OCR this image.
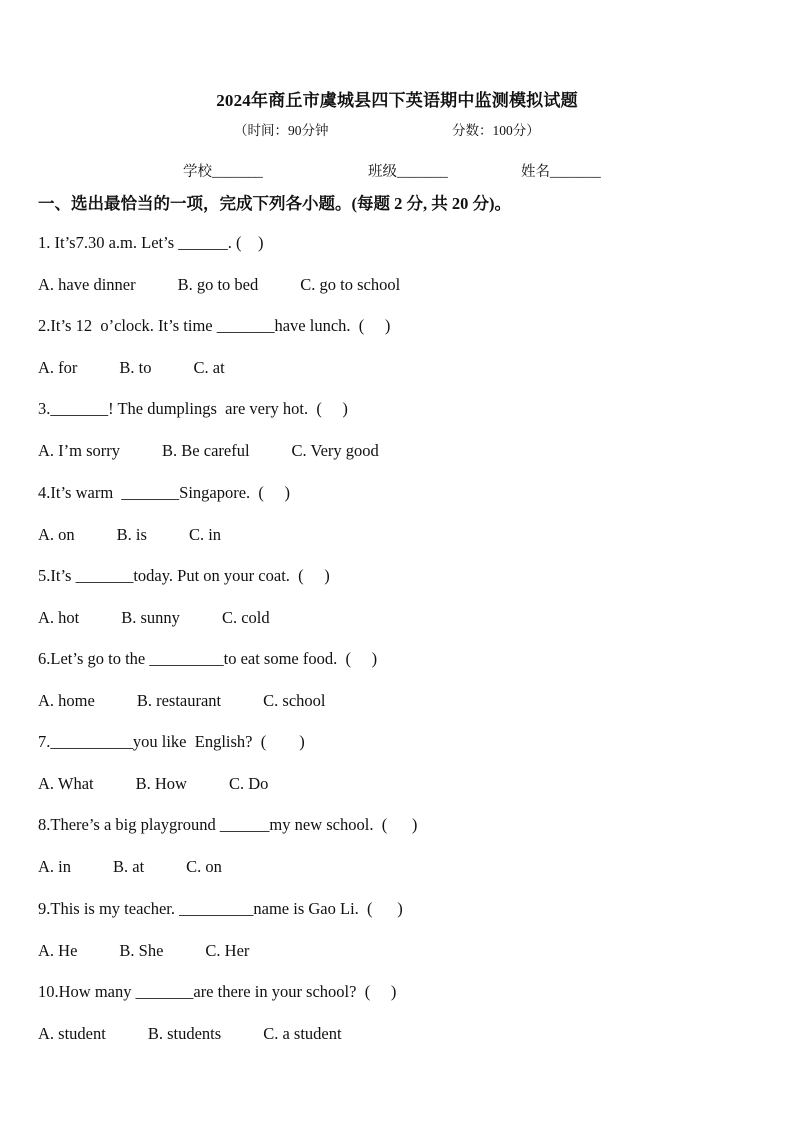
2024年商丘市虞城县四下英语期中监测模拟试题
（时间：90分钟	分数：100分）
学校_______	班级_______	姓名_______
一、选出最恰当的一项，完成下列各小题。(每题 2 分, 共 20 分)。
1. It’s7.30 a.m. Let’s ______. (    )
A. have dinner	B. go to bed	C. go to school
2.It’s 12  o’clock. It’s time _______have lunch.  (     )
A. for	B. to	C. at
3._______! The dumplings  are very hot.  (     )
A. I’m sorry	B. Be careful	C. Very good
4.It’s warm  _______Singapore.  (     )
A. on	B. is	C. in
5.It’s _______today. Put on your coat.  (     )
A. hot	B. sunny	C. cold
6.Let’s go to the _________to eat some food.  (     )
A. home	B. restaurant	C. school
7.__________you like  English?  (        )
A. What	B. How	C. Do
8.There’s a big playground ______my new school.  (      )
A. in	B. at	C. on
9.This is my teacher. _________name is Gao Li.  (      )
A. He	B. She	C. Her
10.How many _______are there in your school?  (     )
A. student	B. students	C. a student
